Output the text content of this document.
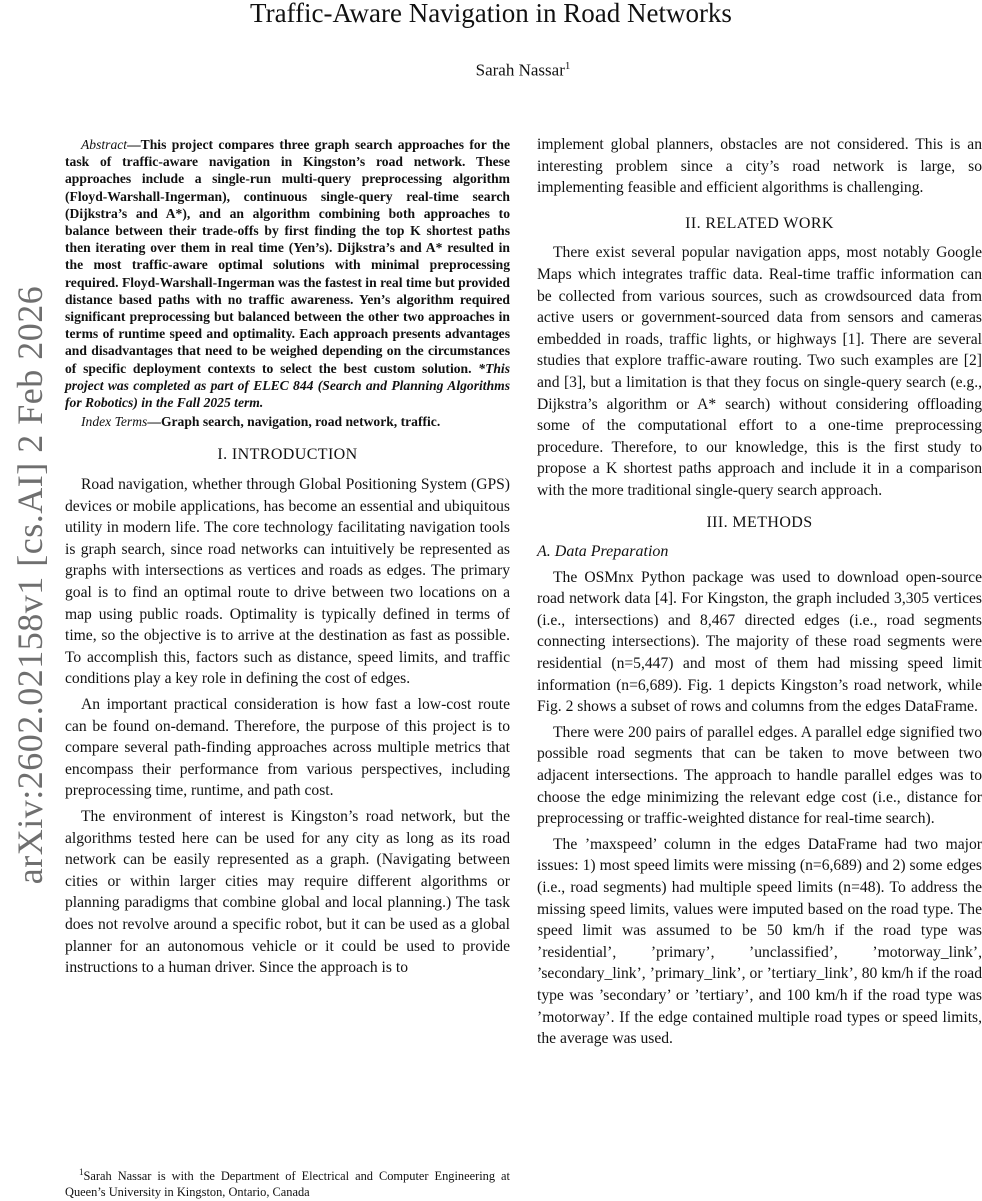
arXiv:2602.02158v1 [cs.AI] 2 Feb 2026
Traffic-Aware Navigation in Road Networks
Sarah Nassar$^1$

Abstract—This project compares three graph search approaches for the task of traffic-aware navigation in Kingston’s road network. These approaches include a single-run multi-query preprocessing algorithm (Floyd-Warshall-Ingerman), continuous single-query real-time search (Dijkstra’s and A*), and an algorithm combining both approaches to balance between their trade-offs by first finding the top K shortest paths then iterating over them in real time (Yen’s). Dijkstra’s and A* resulted in the most traffic-aware optimal solutions with minimal preprocessing required. Floyd-Warshall-Ingerman was the fastest in real time but provided distance based paths with no traffic awareness. Yen’s algorithm required significant preprocessing but balanced between the other two approaches in terms of runtime speed and optimality. Each approach presents advantages and disadvantages that need to be weighed depending on the circumstances of specific deployment contexts to select the best custom solution. *This project was completed as part of ELEC 844 (Search and Planning Algorithms for Robotics) in the Fall 2025 term.

Index Terms—Graph search, navigation, road network, traffic.

I. INTRODUCTION

Road navigation, whether through Global Positioning System (GPS) devices or mobile applications, has become an essential and ubiquitous utility in modern life. The core technology facilitating navigation tools is graph search, since road networks can intuitively be represented as graphs with intersections as vertices and roads as edges. The primary goal is to find an optimal route to drive between two locations on a map using public roads. Optimality is typically defined in terms of time, so the objective is to arrive at the destination as fast as possible. To accomplish this, factors such as distance, speed limits, and traffic conditions play a key role in defining the cost of edges.

An important practical consideration is how fast a low-cost route can be found on-demand. Therefore, the purpose of this project is to compare several path-finding approaches across multiple metrics that encompass their performance from various perspectives, including preprocessing time, runtime, and path cost.

The environment of interest is Kingston’s road network, but the algorithms tested here can be used for any city as long as its road network can be easily represented as a graph. (Navigating between cities or within larger cities may require different algorithms or planning paradigms that combine global and local planning.) The task does not revolve around a specific robot, but it can be used as a global planner for an autonomous vehicle or it could be used to provide instructions to a human driver. Since the approach is to

$^1$Sarah Nassar is with the Department of Electrical and Computer Engineering at Queen’s University in Kingston, Ontario, Canada

implement global planners, obstacles are not considered. This is an interesting problem since a city’s road network is large, so implementing feasible and efficient algorithms is challenging.

II. RELATED WORK

There exist several popular navigation apps, most notably Google Maps which integrates traffic data. Real-time traffic information can be collected from various sources, such as crowdsourced data from active users or government-sourced data from sensors and cameras embedded in roads, traffic lights, or highways [1]. There are several studies that explore traffic-aware routing. Two such examples are [2] and [3], but a limitation is that they focus on single-query search (e.g., Dijkstra’s algorithm or A* search) without considering offloading some of the computational effort to a one-time preprocessing procedure. Therefore, to our knowledge, this is the first study to propose a K shortest paths approach and include it in a comparison with the more traditional single-query search approach.

III. METHODS
A. Data Preparation

The OSMnx Python package was used to download open-source road network data [4]. For Kingston, the graph included 3,305 vertices (i.e., intersections) and 8,467 directed edges (i.e., road segments connecting intersections). The majority of these road segments were residential (n=5,447) and most of them had missing speed limit information (n=6,689). Fig. 1 depicts Kingston’s road network, while Fig. 2 shows a subset of rows and columns from the edges DataFrame.

There were 200 pairs of parallel edges. A parallel edge signified two possible road segments that can be taken to move between two adjacent intersections. The approach to handle parallel edges was to choose the edge minimizing the relevant edge cost (i.e., distance for preprocessing or traffic-weighted distance for real-time search).

The ’maxspeed’ column in the edges DataFrame had two major issues: 1) most speed limits were missing (n=6,689) and 2) some edges (i.e., road segments) had multiple speed limits (n=48). To address the missing speed limits, values were imputed based on the road type. The speed limit was assumed to be 50 km/h if the road type was ’residential’, ’primary’, ’unclassified’, ’motorway_link’, ’secondary_link’, ’primary_link’, or ’tertiary_link’, 80 km/h if the road type was ’secondary’ or ’tertiary’, and 100 km/h if the road type was ’motorway’. If the edge contained multiple road types or speed limits, the average was used.
